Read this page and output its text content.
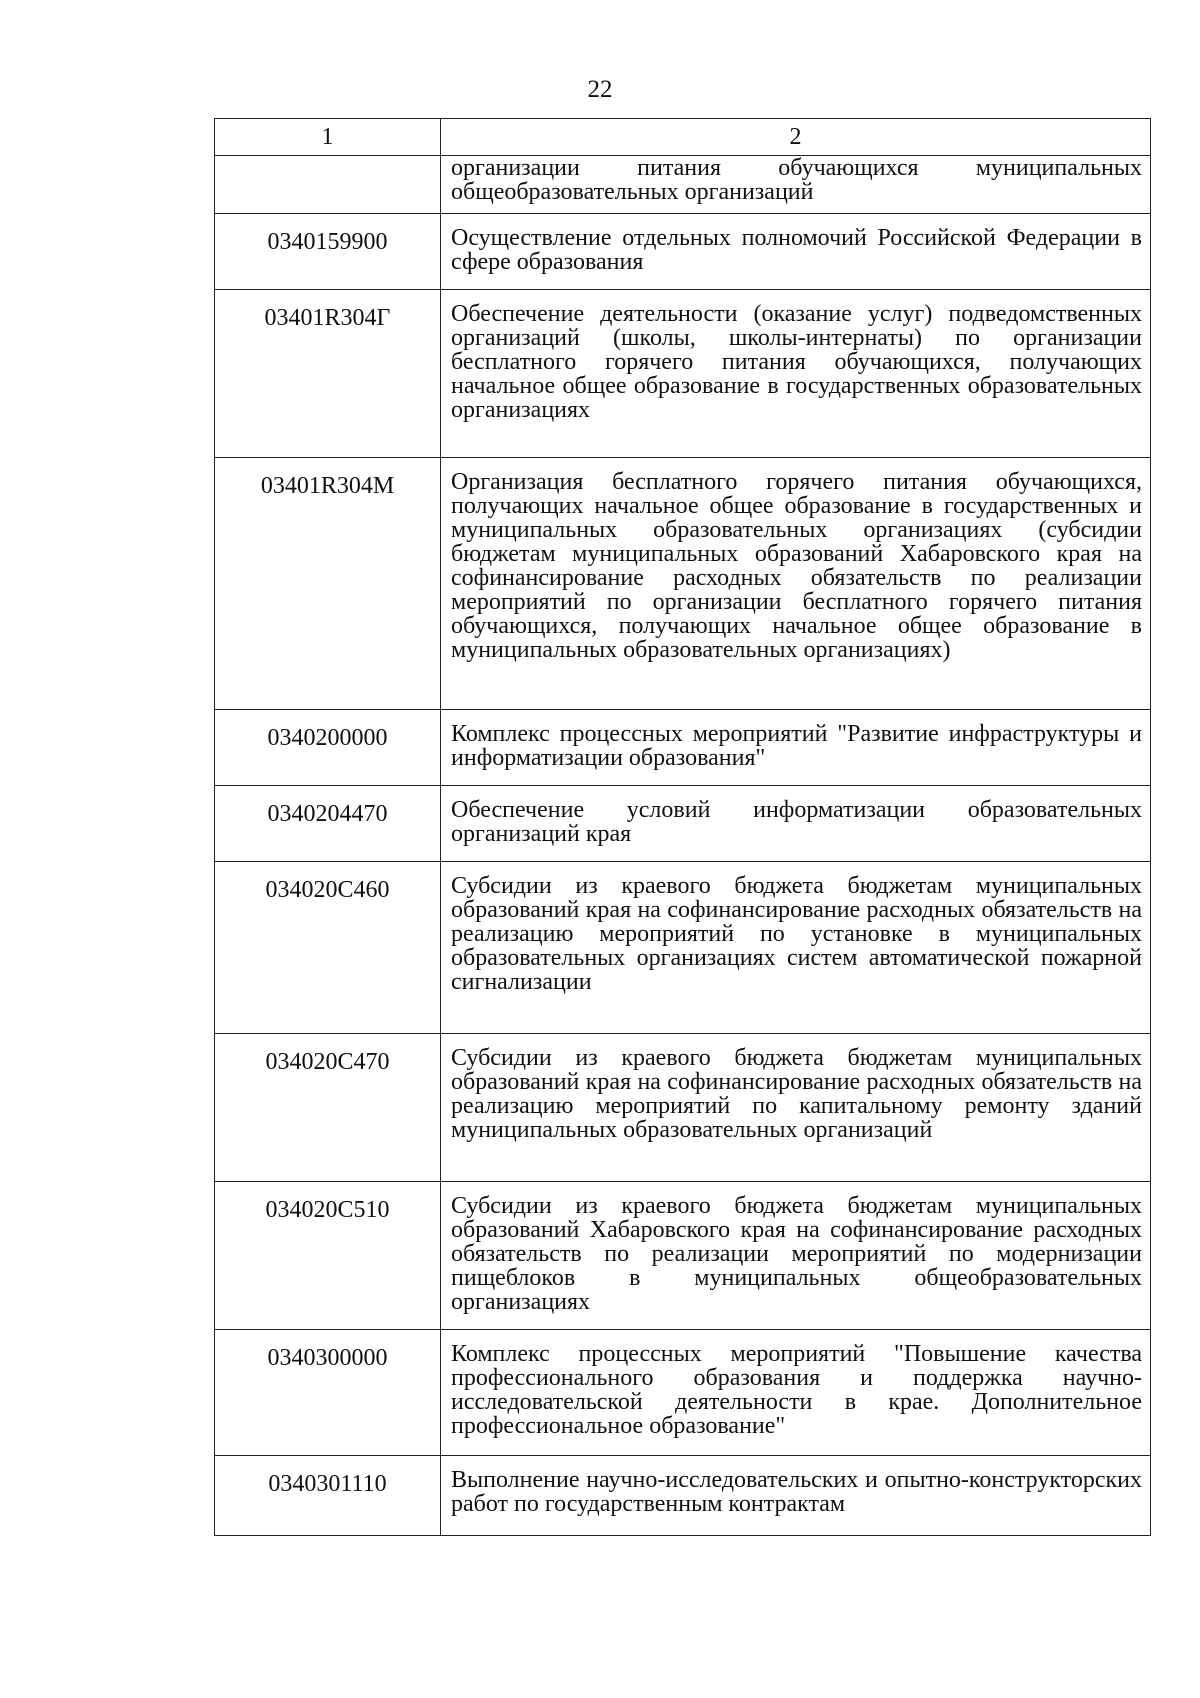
22
1	2
	организации питания обучающихся муниципальных общеобразовательных организаций
0340159900	Осуществление отдельных полномочий Российской Федерации в сфере образования
03401R304Г	Обеспечение деятельности (оказание услуг) подведомственных организаций (школы, школы-интернаты) по организации бесплатного горячего питания обучающихся, получающих начальное общее образование в государственных образовательных организациях
03401R304М	Организация бесплатного горячего питания обучающихся, получающих начальное общее образование в государственных и муниципальных образовательных организациях (субсидии бюджетам муниципальных образований Хабаровского края на софинансирование расходных обязательств по реализации мероприятий по организации бесплатного горячего питания обучающихся, получающих начальное общее образование в муниципальных образовательных организациях)
0340200000	Комплекс процессных мероприятий "Развитие инфраструктуры и информатизации образования"
0340204470	Обеспечение условий информатизации образовательных организаций края
034020С460	Субсидии из краевого бюджета бюджетам муниципальных образований края на софинансирование расходных обязательств на реализацию мероприятий по установке в муниципальных образовательных организациях систем автоматической пожарной сигнализации
034020С470	Субсидии из краевого бюджета бюджетам муниципальных образований края на софинансирование расходных обязательств на реализацию мероприятий по капитальному ремонту зданий муниципальных образовательных организаций
034020С510	Субсидии из краевого бюджета бюджетам муниципальных образований Хабаровского края на софинансирование расходных обязательств по реализации мероприятий по модернизации пищеблоков в муниципальных общеобразовательных организациях
0340300000	Комплекс процессных мероприятий "Повышение качества профессионального образования и поддержка научно-исследовательской деятельности в крае. Дополнительное профессиональное образование"
0340301110	Выполнение научно-исследовательских и опытно-конструкторских работ по государственным контрактам
